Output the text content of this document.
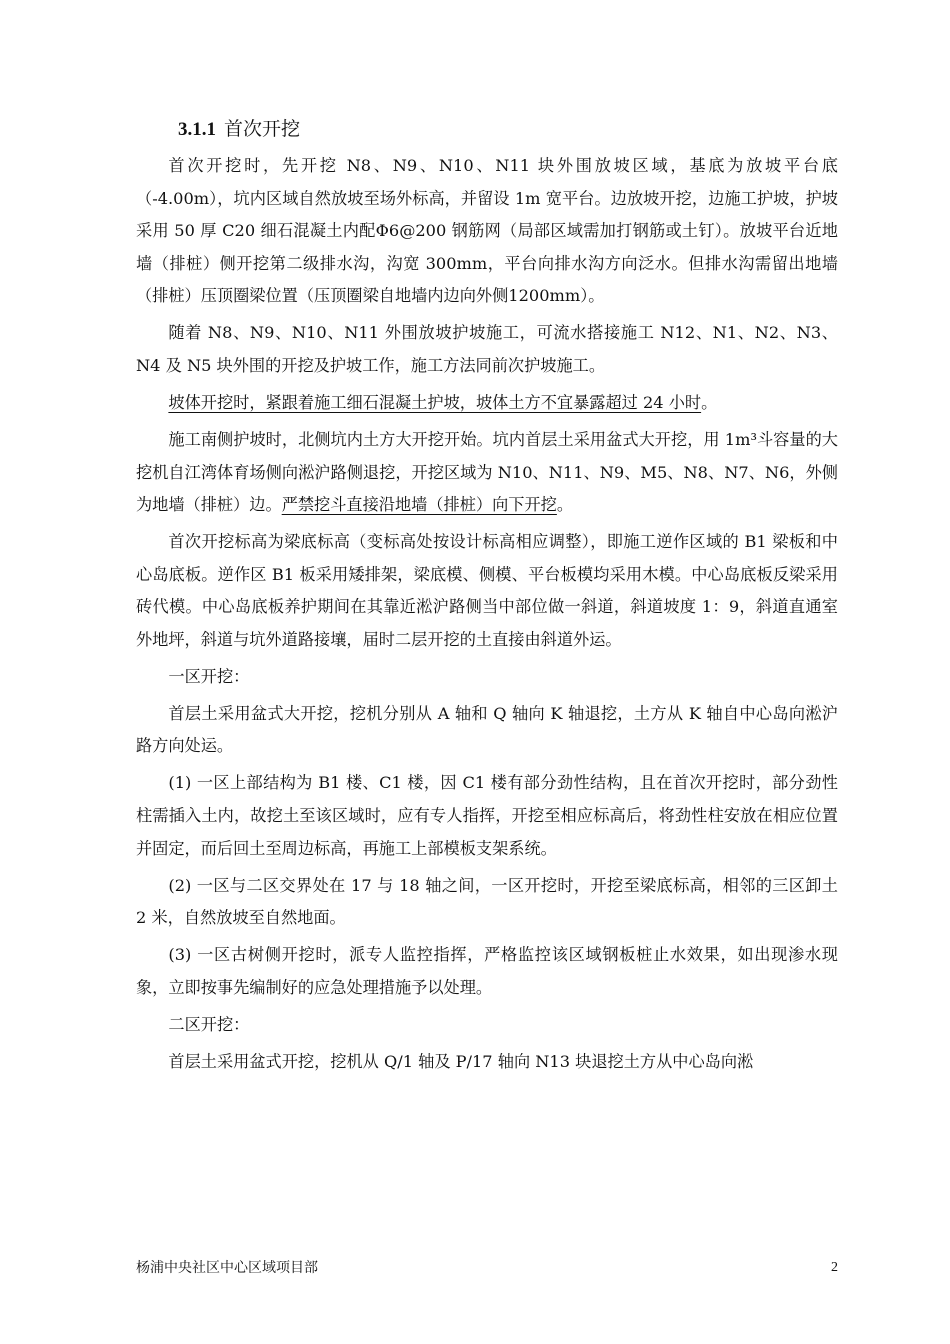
3.1.1 首次开挖

首次开挖时，先开挖 N8、N9、N10、N11 块外围放坡区域，基底为放坡平台底（-4.00m），坑内区域自然放坡至场外标高，并留设 1m 宽平台。边放坡开挖，边施工护坡，护坡采用 50 厚 C20 细石混凝土内配Φ6@200 钢筋网（局部区域需加打钢筋或土钉）。放坡平台近地墙（排桩）侧开挖第二级排水沟，沟宽 300mm，平台向排水沟方向泛水。但排水沟需留出地墙（排桩）压顶圈梁位置（压顶圈梁自地墙内边向外侧1200mm）。

随着 N8、N9、N10、N11 外围放坡护坡施工，可流水搭接施工 N12、N1、N2、N3、N4 及 N5 块外围的开挖及护坡工作，施工方法同前次护坡施工。

坡体开挖时，紧跟着施工细石混凝土护坡，坡体土方不宜暴露超过 24 小时。

施工南侧护坡时，北侧坑内土方大开挖开始。坑内首层土采用盆式大开挖，用 1m³斗容量的大挖机自江湾体育场侧向淞沪路侧退挖，开挖区域为 N10、N11、N9、M5、N8、N7、N6，外侧为地墙（排桩）边。严禁挖斗直接沿地墙（排桩）向下开挖。

首次开挖标高为梁底标高（变标高处按设计标高相应调整），即施工逆作区域的 B1 梁板和中心岛底板。逆作区 B1 板采用矮排架，梁底模、侧模、平台板模均采用木模。中心岛底板反梁采用砖代模。中心岛底板养护期间在其靠近淞沪路侧当中部位做一斜道，斜道坡度 1：9，斜道直通室外地坪，斜道与坑外道路接壤，届时二层开挖的土直接由斜道外运。

一区开挖：

首层土采用盆式大开挖，挖机分别从 A 轴和 Q 轴向 K 轴退挖，土方从 K 轴自中心岛向淞沪路方向处运。

(1) 一区上部结构为 B1 楼、C1 楼，因 C1 楼有部分劲性结构，且在首次开挖时，部分劲性柱需插入土内，故挖土至该区域时，应有专人指挥，开挖至相应标高后，将劲性柱安放在相应位置并固定，而后回土至周边标高，再施工上部模板支架系统。

(2) 一区与二区交界处在 17 与 18 轴之间，一区开挖时，开挖至梁底标高，相邻的三区卸土 2 米，自然放坡至自然地面。

(3) 一区古树侧开挖时，派专人监控指挥，严格监控该区域钢板桩止水效果，如出现渗水现象，立即按事先编制好的应急处理措施予以处理。

二区开挖：

首层土采用盆式开挖，挖机从 Q/1 轴及 P/17 轴向 N13 块退挖土方从中心岛向淞

杨浦中央社区中心区域项目部	2
